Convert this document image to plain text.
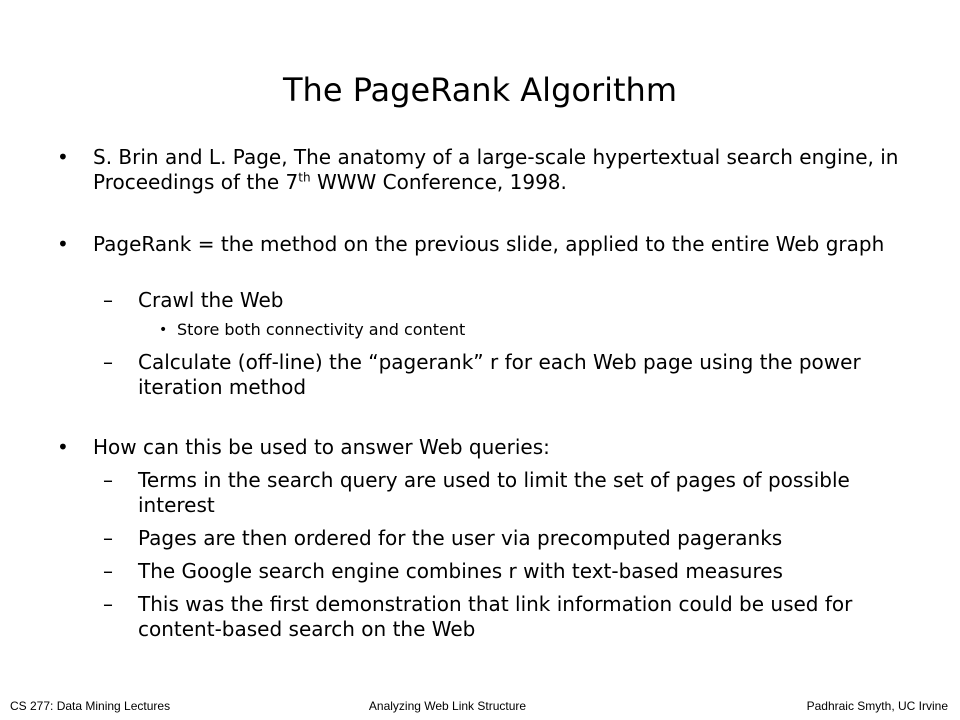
The PageRank Algorithm
• S. Brin and L. Page, The anatomy of a large-scale hypertextual search engine, in Proceedings of the 7th WWW Conference, 1998.
• PageRank = the method on the previous slide, applied to the entire Web graph
– Crawl the Web
• Store both connectivity and content
– Calculate (off-line) the “pagerank” r for each Web page using the power iteration method
• How can this be used to answer Web queries:
– Terms in the search query are used to limit the set of pages of possible interest
– Pages are then ordered for the user via precomputed pageranks
– The Google search engine combines r with text-based measures
– This was the first demonstration that link information could be used for content-based search on the Web
CS 277: Data Mining Lectures	Analyzing Web Link Structure	Padhraic Smyth, UC Irvine
